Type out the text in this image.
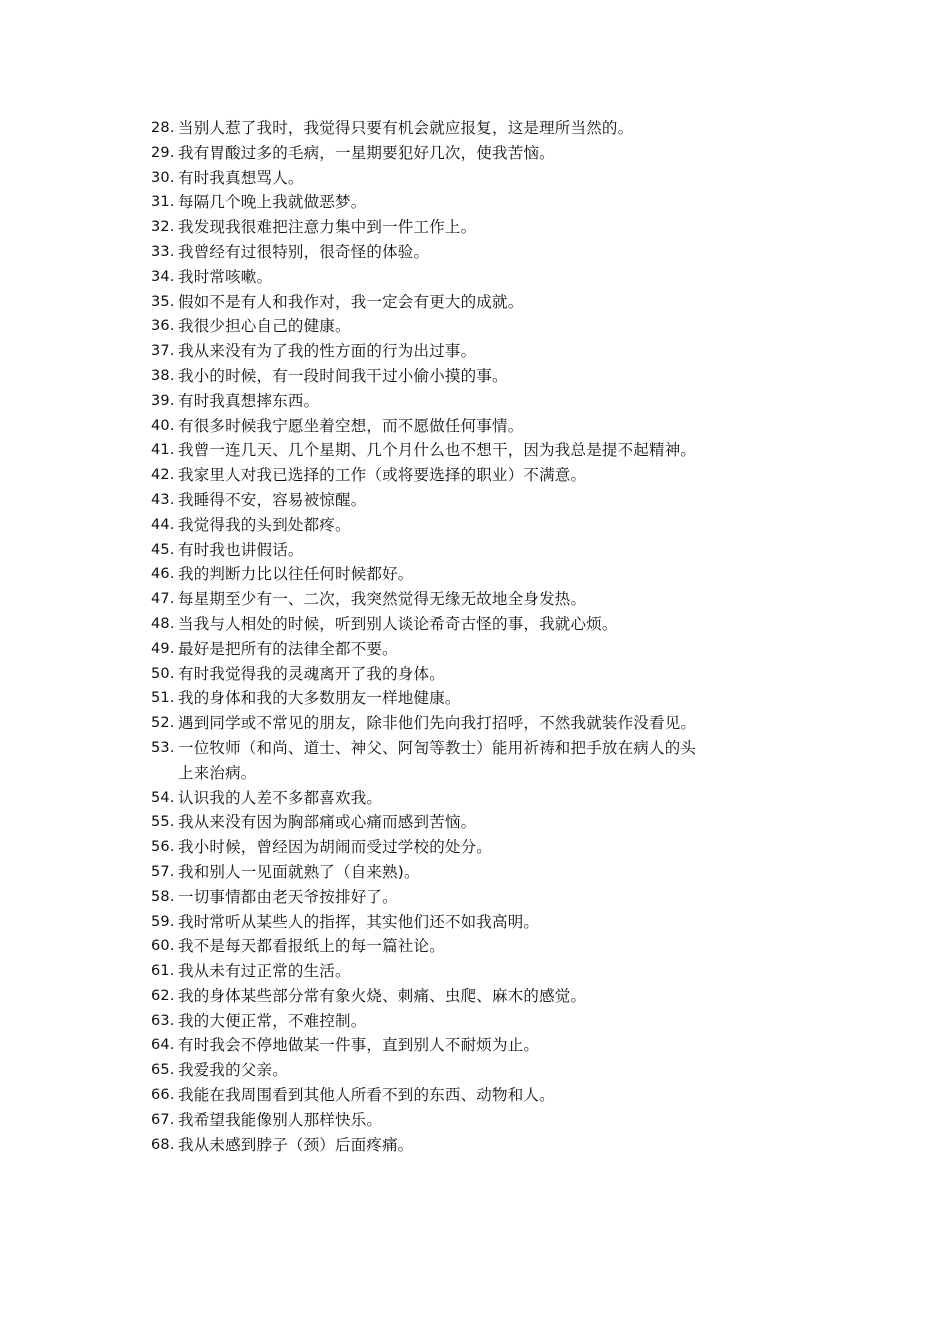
28. 当别人惹了我时，我觉得只要有机会就应报复，这是理所当然的。
29. 我有胃酸过多的毛病，一星期要犯好几次，使我苦恼。
30. 有时我真想骂人。
31. 每隔几个晚上我就做恶梦。
32. 我发现我很难把注意力集中到一件工作上。
33. 我曾经有过很特别，很奇怪的体验。
34. 我时常咳嗽。
35. 假如不是有人和我作对，我一定会有更大的成就。
36. 我很少担心自己的健康。
37. 我从来没有为了我的性方面的行为出过事。
38. 我小的时候，有一段时间我干过小偷小摸的事。
39. 有时我真想摔东西。
40. 有很多时候我宁愿坐着空想，而不愿做任何事情。
41. 我曾一连几天、几个星期、几个月什么也不想干，因为我总是提不起精神。
42. 我家里人对我已选择的工作（或将要选择的职业）不满意。
43. 我睡得不安，容易被惊醒。
44. 我觉得我的头到处都疼。
45. 有时我也讲假话。
46. 我的判断力比以往任何时候都好。
47. 每星期至少有一、二次，我突然觉得无缘无故地全身发热。
48. 当我与人相处的时候，听到别人谈论希奇古怪的事，我就心烦。
49. 最好是把所有的法律全都不要。
50. 有时我觉得我的灵魂离开了我的身体。
51. 我的身体和我的大多数朋友一样地健康。
52. 遇到同学或不常见的朋友，除非他们先向我打招呼，不然我就装作没看见。
53. 一位牧师（和尚、道士、神父、阿訇等教士）能用祈祷和把手放在病人的头上来治病。
54. 认识我的人差不多都喜欢我。
55. 我从来没有因为胸部痛或心痛而感到苦恼。
56. 我小时候，曾经因为胡闹而受过学校的处分。
57. 我和别人一见面就熟了（自来熟)。
58. 一切事情都由老天爷按排好了。
59. 我时常听从某些人的指挥，其实他们还不如我高明。
60. 我不是每天都看报纸上的每一篇社论。
61. 我从未有过正常的生活。
62. 我的身体某些部分常有象火烧、刺痛、虫爬、麻木的感觉。
63. 我的大便正常，不难控制。
64. 有时我会不停地做某一件事，直到别人不耐烦为止。
65. 我爱我的父亲。
66. 我能在我周围看到其他人所看不到的东西、动物和人。
67. 我希望我能像别人那样快乐。
68. 我从未感到脖子（颈）后面疼痛。
